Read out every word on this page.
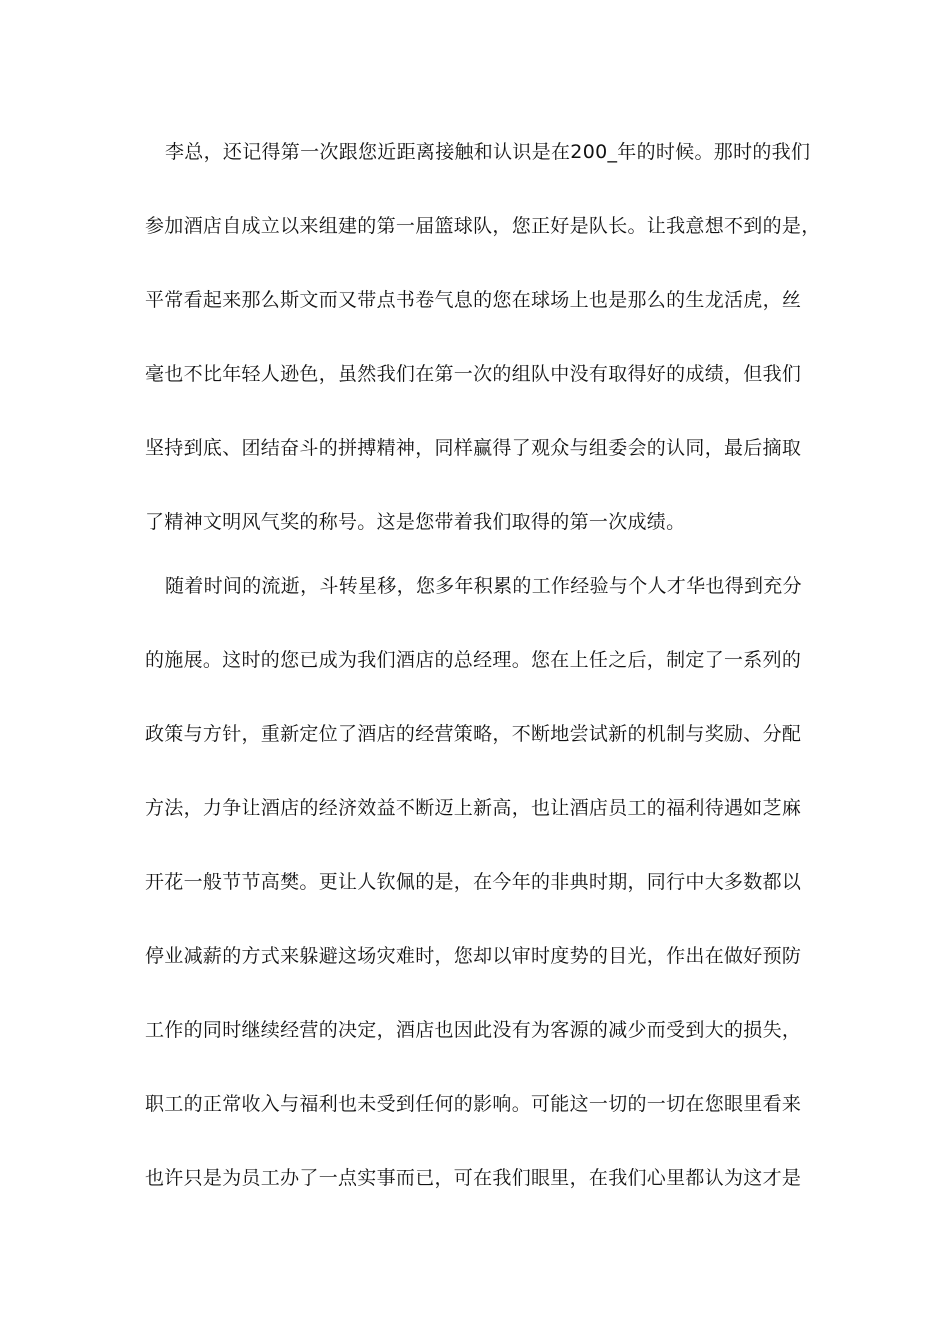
李总，还记得第一次跟您近距离接触和认识是在200_年的时候。那时的我们
参加酒店自成立以来组建的第一届篮球队，您正好是队长。让我意想不到的是，
平常看起来那么斯文而又带点书卷气息的您在球场上也是那么的生龙活虎，丝
毫也不比年轻人逊色，虽然我们在第一次的组队中没有取得好的成绩，但我们
坚持到底、团结奋斗的拼搏精神，同样赢得了观众与组委会的认同，最后摘取
了精神文明风气奖的称号。这是您带着我们取得的第一次成绩。
随着时间的流逝，斗转星移，您多年积累的工作经验与个人才华也得到充分
的施展。这时的您已成为我们酒店的总经理。您在上任之后，制定了一系列的
政策与方针，重新定位了酒店的经营策略，不断地尝试新的机制与奖励、分配
方法，力争让酒店的经济效益不断迈上新高，也让酒店员工的福利待遇如芝麻
开花一般节节高樊。更让人钦佩的是，在今年的非典时期，同行中大多数都以
停业减薪的方式来躲避这场灾难时，您却以审时度势的目光，作出在做好预防
工作的同时继续经营的决定，酒店也因此没有为客源的减少而受到大的损失，
职工的正常收入与福利也未受到任何的影响。可能这一切的一切在您眼里看来
也许只是为员工办了一点实事而已，可在我们眼里，在我们心里都认为这才是
